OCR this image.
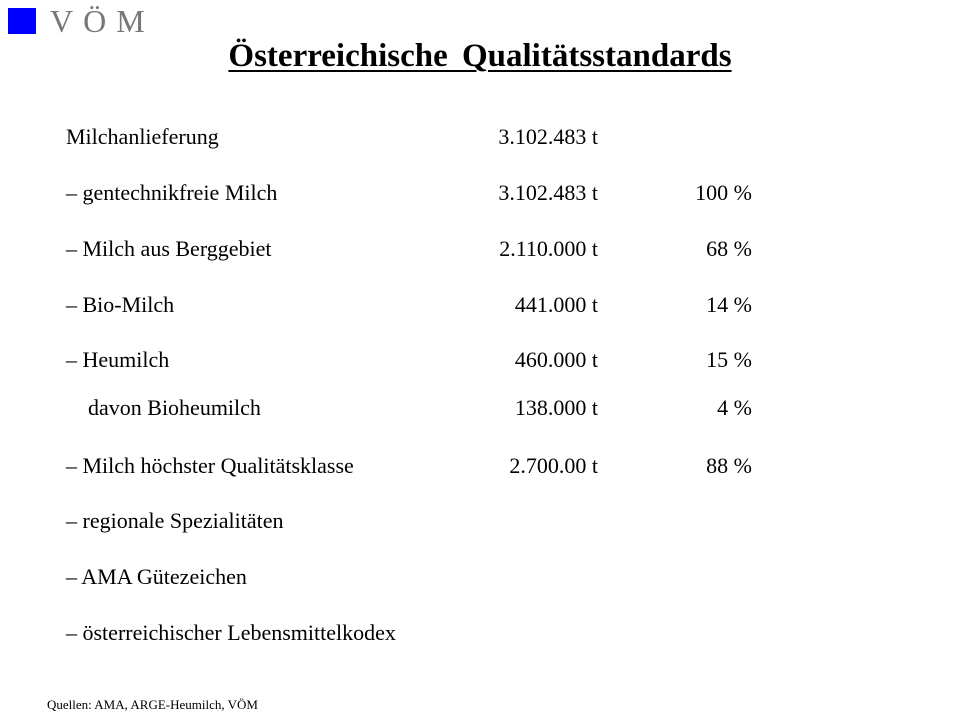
VÖM
Österreichische Qualitätsstandards
Milchanlieferung	3.102.483 t
– gentechnikfreie Milch	3.102.483 t	100 %
– Milch aus Berggebiet	2.110.000 t	68 %
– Bio-Milch	441.000 t	14 %
– Heumilch	460.000 t	15 %
davon Bioheumilch	138.000 t	4 %
– Milch höchster Qualitätsklasse	2.700.00 t	88 %
– regionale Spezialitäten
– AMA Gütezeichen
– österreichischer Lebensmittelkodex
Quellen: AMA, ARGE-Heumilch, VÖM
